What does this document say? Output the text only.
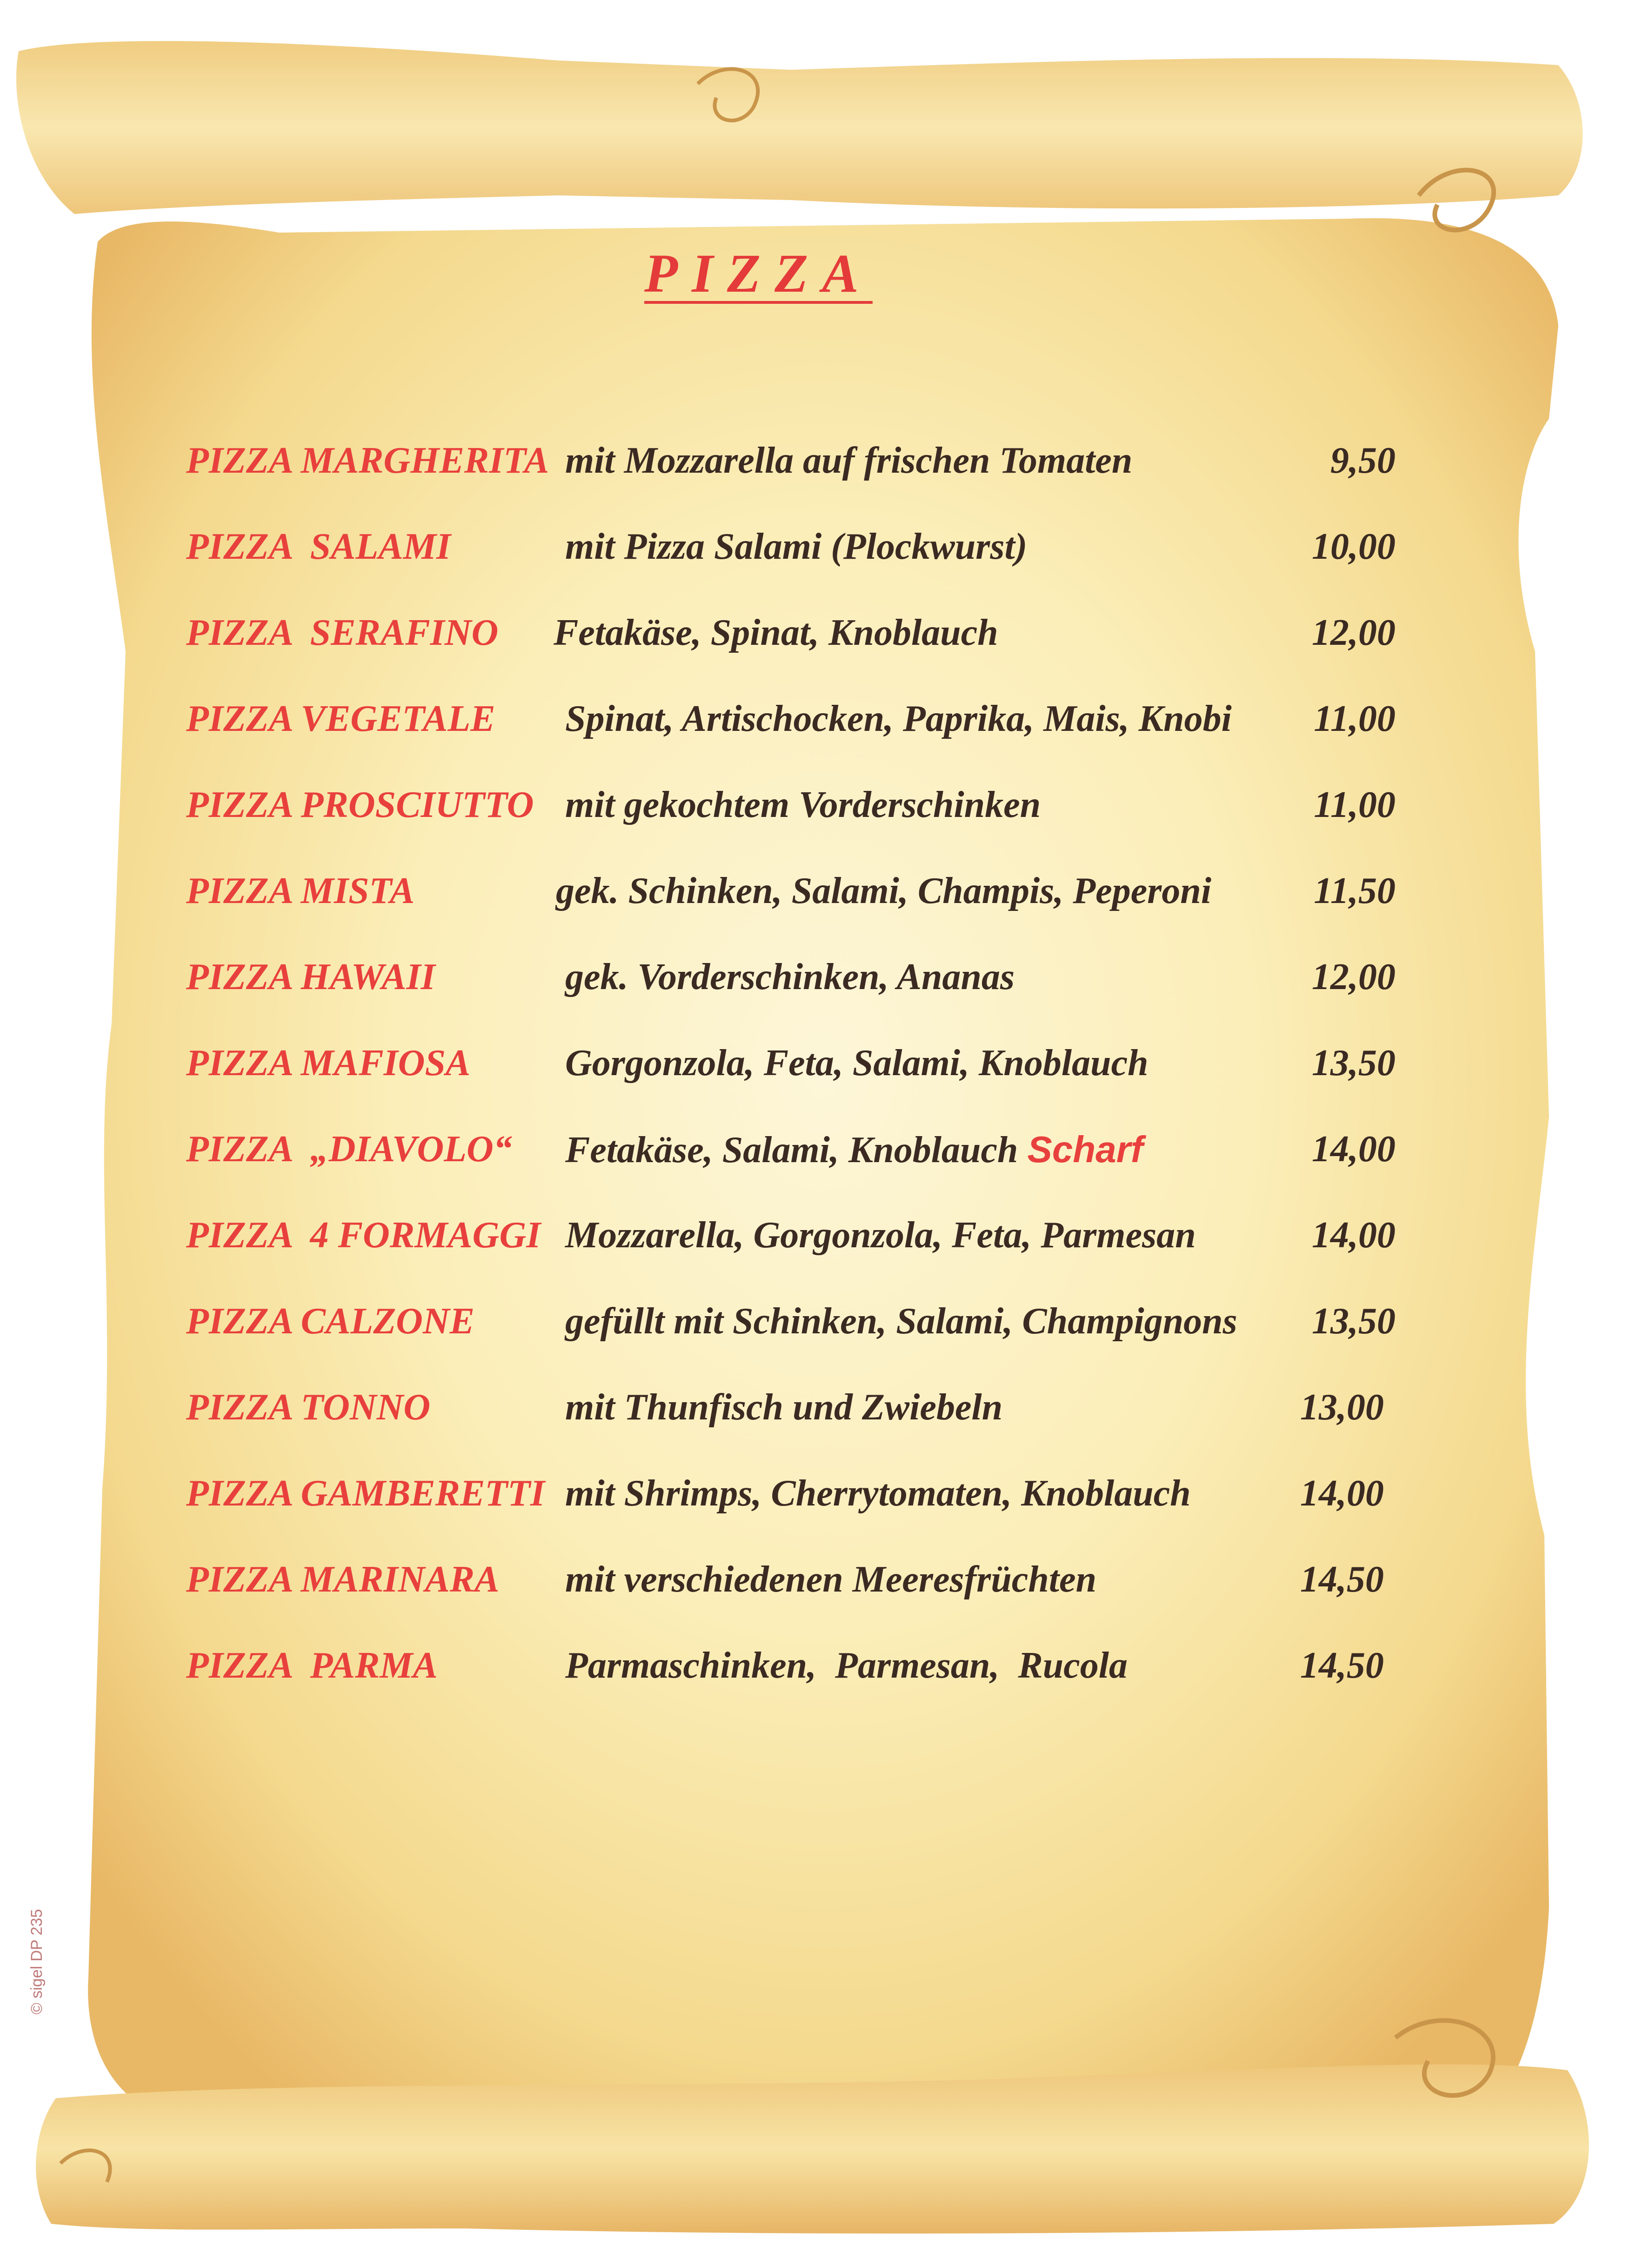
PIZZA
PIZZA MARGHERITA mit Mozzarella auf frischen Tomaten	9,50
PIZZA  SALAMI	mit Pizza Salami (Plockwurst)	10,00
PIZZA  SERAFINO Fetakäse, Spinat, Knoblauch	12,00
PIZZA VEGETALE Spinat, Artischocken, Paprika, Mais, Knobi 11,00
PIZZA PROSCIUTTO mit gekochtem Vorderschinken	11,00
PIZZA MISTA	gek. Schinken, Salami, Champis, Peperoni	11,50
PIZZA HAWAII	gek. Vorderschinken, Ananas	12,00
PIZZA MAFIOSA	Gorgonzola, Feta, Salami, Knoblauch	13,50
PIZZA  „DIAVOLO“ Fetakäse, Salami, Knoblauch Scharf	14,00
PIZZA  4 FORMAGGI Mozzarella, Gorgonzola, Feta, Parmesan	14,00
PIZZA CALZONE gefüllt mit Schinken, Salami, Champignons 13,50
PIZZA TONNO	mit Thunfisch und Zwiebeln	13,00
PIZZA GAMBERETTI mit Shrimps, Cherrytomaten, Knoblauch	14,00
PIZZA MARINARA mit verschiedenen Meeresfrüchten	14,50
PIZZA  PARMA	Parmaschinken,  Parmesan,  Rucola	14,50
© sigel DP 235
